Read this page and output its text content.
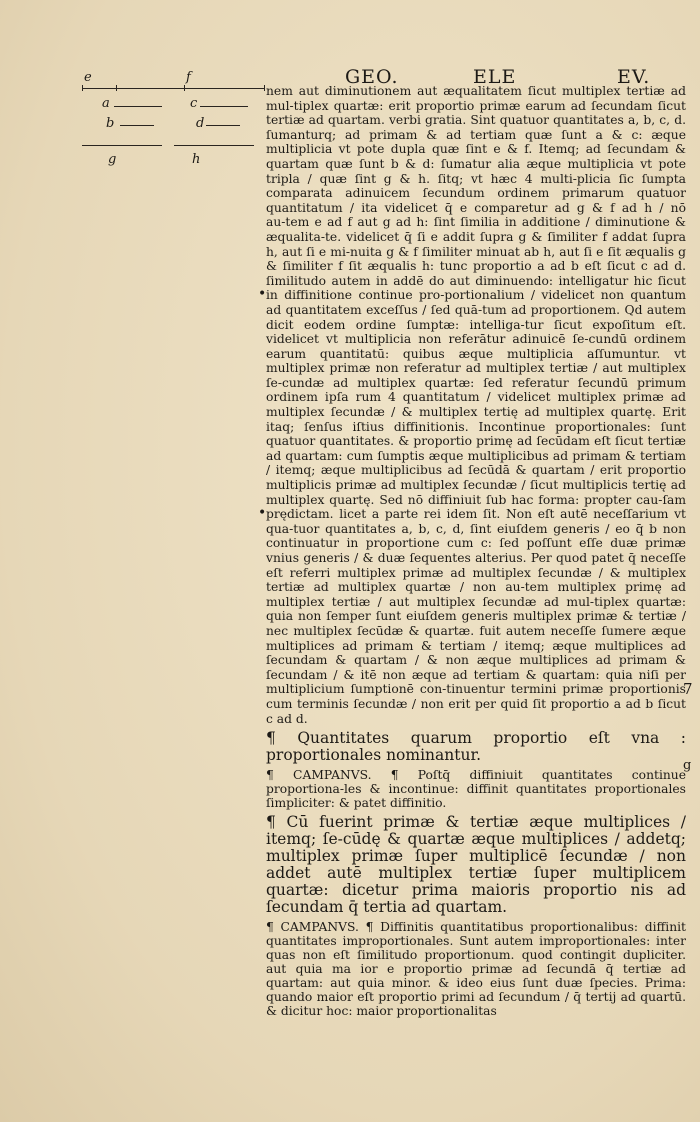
GEO.	ELE	EV.
e	f
a	c
b	d
g	h
•
•

nem aut diminutionem aut æqualitatem ſicut multiplex tertiæ ad mul‑tiplex quartæ: erit proportio primæ earum ad ſecundam ſicut tertiæ ad quartam. verbi gratia. Sint quatuor quantitates a, b, c, d. ſumanturq; ad primam & ad tertiam quæ ſunt a & c: æque multiplicia vt pote dupla quæ ſint e & f. Itemq; ad ſecundam & quartam quæ ſunt b & d: ſumatur alia æque multiplicia vt pote tripla / quæ ſint g & h. ſitq; vt hæc 4 multi‑plicia ſic ſumpta comparata adinuicem ſecundum ordinem primarum quatuor quantitatum / ita videlicet q̄ e comparetur ad g & f ad h / nō au‑tem e ad f aut g ad h: ſint ſimilia in additione / diminutione & æqualita‑te. videlicet q̄ ſi e addit ſupra g & ſimiliter f addat ſupra h, aut ſi e mi‑nuita g & f ſimiliter minuat ab h, aut ſi e ſit æqualis g & ſimiliter f ſit æqualis h: tunc proportio a ad b eſt ſicut c ad d. ſimilitudo autem in addē do aut diminuendo: intelligatur hic ſicut in diffinitione continue pro‑portionalium / videlicet non quantum ad quantitatem exceſſus / ſed quā‑tum ad proportionem. Qd autem dicit eodem ordine ſumptæ: intelliga‑tur ſicut expoſitum eſt. videlicet vt multiplicia non referātur adinuicē ſe‑cundū ordinem earum quantitatū: quibus æque multiplicia aſſumuntur. vt multiplex primæ non referatur ad multiplex tertiæ / aut multiplex ſe‑cundæ ad multiplex quartæ: ſed referatur ſecundū primum ordinem ipſa rum 4 quantitatum / videlicet multiplex primæ ad multiplex ſecundæ / & multiplex tertię ad multiplex quartę. Erit itaq; ſenſus iſtius diffinitionis. Incontinue proportionales: ſunt quatuor quantitates. & proportio primę ad ſecūdam eſt ſicut tertiæ ad quartam: cum ſumptis æque multiplicibus ad primam & tertiam / itemq; æque multiplicibus ad ſecūdā & quartam / erit proportio multiplicis primæ ad multiplex ſecundæ / ſicut multiplicis tertię ad multiplex quartę. Sed nō diffiniuit ſub hac forma: propter cau‑ſam prędictam. licet a parte rei idem ſit. Non eſt autē neceſſarium vt qua‑tuor quantitates a, b, c, d, ſint eiuſdem generis / eo q̄ b non continuatur in proportione cum c: ſed poſſunt eſſe duæ primæ vnius generis / & duæ ſequentes alterius. Per quod patet q̄ neceſſe eſt referri multiplex primæ ad multiplex ſecundæ / & multiplex tertiæ ad multiplex quartæ / non au‑tem multiplex primę ad multiplex tertiæ / aut multiplex ſecundæ ad mul‑tiplex quartæ: quia non ſemper ſunt eiuſdem generis multiplex primæ & tertiæ / nec multiplex ſecūdæ & quartæ. fuit autem neceſſe ſumere æque multiplices ad primam & tertiam / itemq; æque multiplices ad ſecundam & quartam / & non æque multiplices ad primam & ſecundam / & itē non æque ad tertiam & quartam: quia niſi per multiplicium ſumptionē con‑tinuentur termini primæ proportionis cum terminis ſecundæ / non erit per quid ſit proportio a ad b ſicut c ad d.

¶ Quantitates quarum proportio eſt vna : proportionales nominantur.

¶ CAMPANVS. ¶ Poſtq̄ diffiniuit quantitates continue proportiona‑les & incontinue: diffinit quantitates proportionales ſimpliciter: & patet diffinitio.

¶ Cū fuerint primæ & tertiæ æque multiplices / itemq; ſe‑cūdę & quartæ æque multiplices / addetq; multiplex primæ ſuper multiplicē ſecundæ / non addet autē multiplex tertiæ ſuper multiplicem quartæ: dicetur prima maioris proportio nis ad ſecundam q̄ tertia ad quartam.

¶ CAMPANVS. ¶ Diffinitis quantitatibus proportionalibus: diffinit quantitates improportionales. Sunt autem improportionales: inter quas non eſt ſimilitudo proportionum. quod contingit dupliciter. aut quia ma ior e proportio primæ ad ſecundā q̄ tertiæ ad quartam: aut quia minor. & ideo eius ſunt duæ ſpecies. Prima: quando maior eſt proportio primi ad ſecundum / q̄ tertij ad quartū. & dicitur hoc: maior proportionalitas

7
g
